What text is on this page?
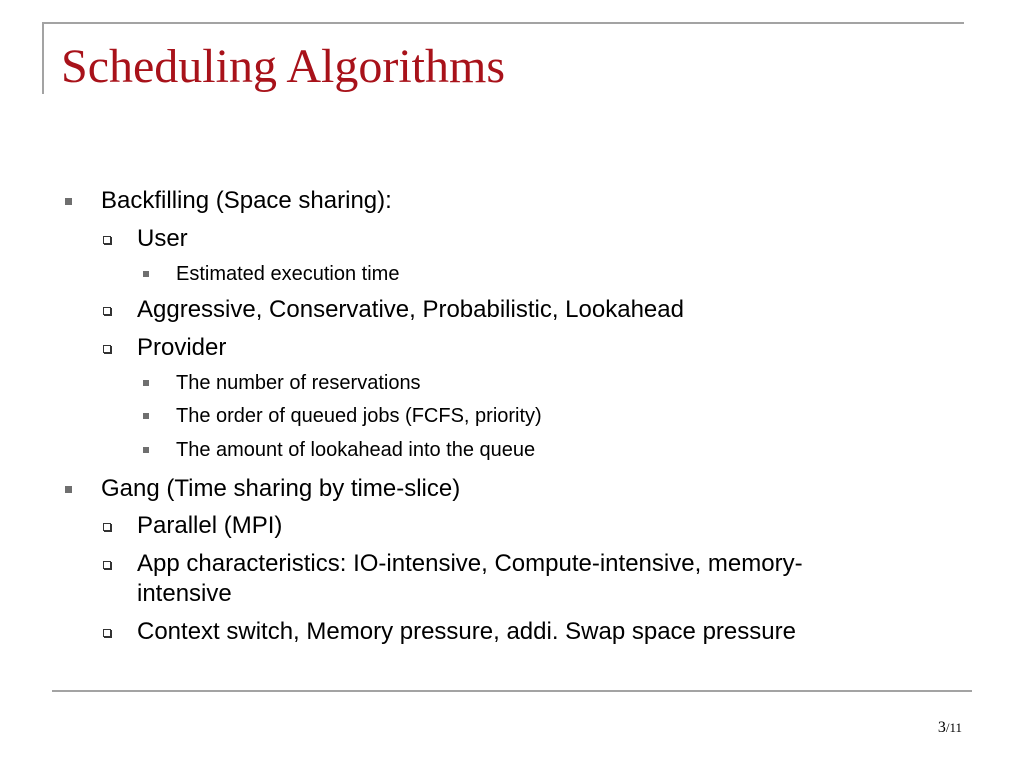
Scheduling Algorithms
Backfilling (Space sharing):
User
Estimated execution time
Aggressive, Conservative, Probabilistic, Lookahead
Provider
The number of reservations
The order of queued jobs (FCFS, priority)
The amount of lookahead into the queue
Gang (Time sharing by time-slice)
Parallel (MPI)
App characteristics: IO-intensive, Compute-intensive, memory-
intensive
Context switch, Memory pressure, addi. Swap space pressure
3/11
